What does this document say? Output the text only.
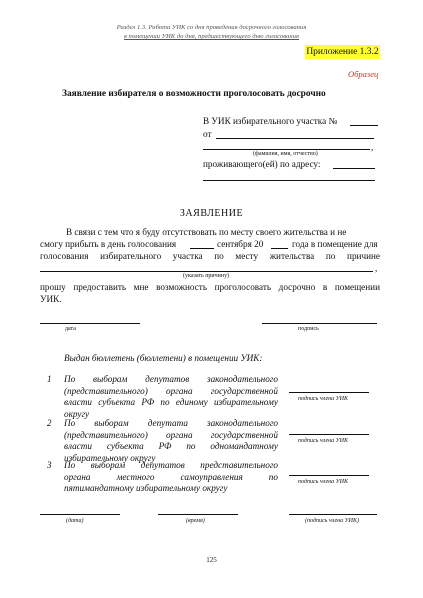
Раздел 1.3. Работа УИК со дня проведения досрочного голосования
в помещении УИК до дня, предшествующего дню голосования
Приложение 1.3.2
Образец
Заявление избирателя о возможности проголосовать досрочно
В УИК избирательного участка №
от
,
(фамилия, имя, отчество)
проживающего(ей) по адресу:
ЗАЯВЛЕНИЕ
В связи с тем что я буду отсутствовать по месту своего жительства и не
смогу прибыть в день голосования	сентября 20	года в помещение для
голосования избирательного участка по месту жительства по причине
,
(указать причину)
прошу предоставить мне возможность проголосовать досрочно в помещении
УИК.
дата	подпись
Выдан бюллетень (бюллетени) в помещении УИК:
1 По выборам депутатов законодательного
(представительного) органа государственной
власти субъекта РФ по единому избирательному
округу
подпись члена УИК
2 По выборам депутата законодательного
(представительного) органа государственной
власти субъекта РФ по одномандатному
избирательному округу
подпись члена УИК
3 По выборам депутатов представительного
органа местного самоуправления по
пятимандатному избирательному округу
подпись члена УИК
(дата)	(время)	(подпись члена УИК)
125
